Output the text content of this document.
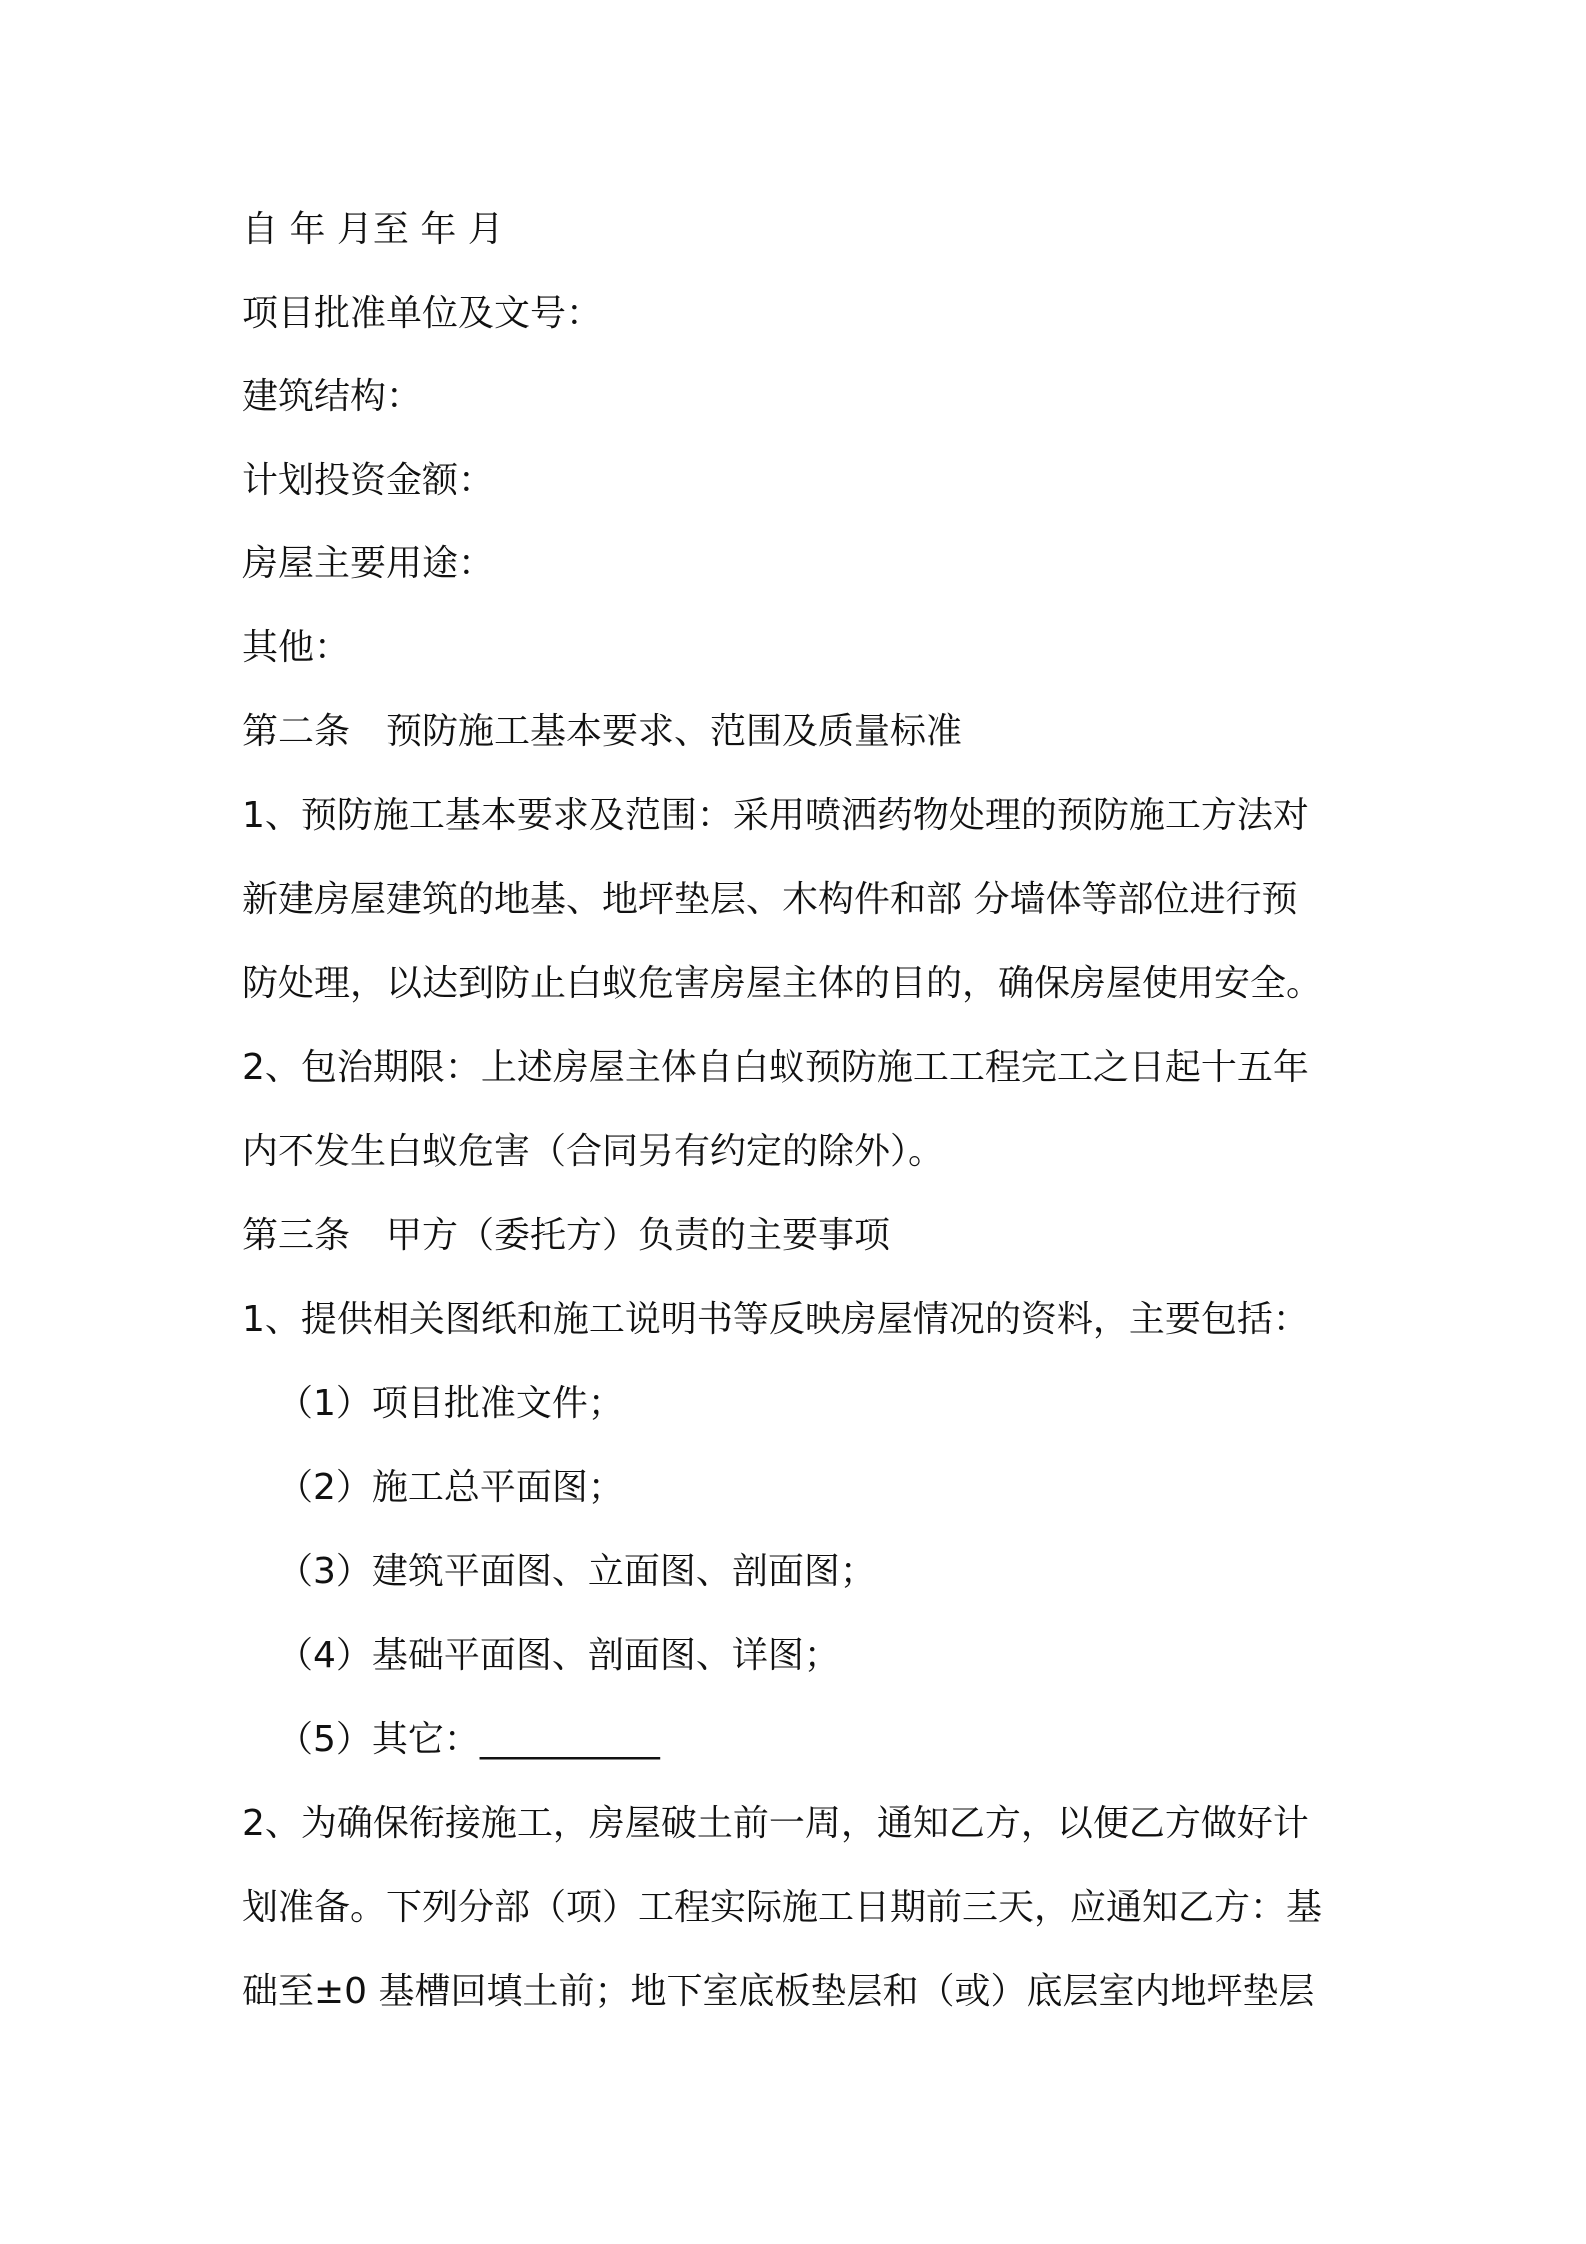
自 年 月至 年 月

项目批准单位及文号：

建筑结构：

计划投资金额：

房屋主要用途：

其他：

第二条　预防施工基本要求、范围及质量标准

1、预防施工基本要求及范围：采用喷洒药物处理的预防施工方法对

新建房屋建筑的地基、地坪垫层、木构件和部 分墙体等部位进行预

防处理，以达到防止白蚁危害房屋主体的目的，确保房屋使用安全。

2、包治期限：上述房屋主体自白蚁预防施工工程完工之日起十五年

内不发生白蚁危害（合同另有约定的除外）。

第三条　甲方（委托方）负责的主要事项

1、提供相关图纸和施工说明书等反映房屋情况的资料，主要包括：

（1）项目批准文件；

（2）施工总平面图；

（3）建筑平面图、立面图、剖面图；

（4）基础平面图、剖面图、详图；

（5）其它：__________

2、为确保衔接施工，房屋破土前一周，通知乙方，以便乙方做好计

划准备。下列分部（项）工程实际施工日期前三天，应通知乙方：基

础至±0 基槽回填土前；地下室底板垫层和（或）底层室内地坪垫层
